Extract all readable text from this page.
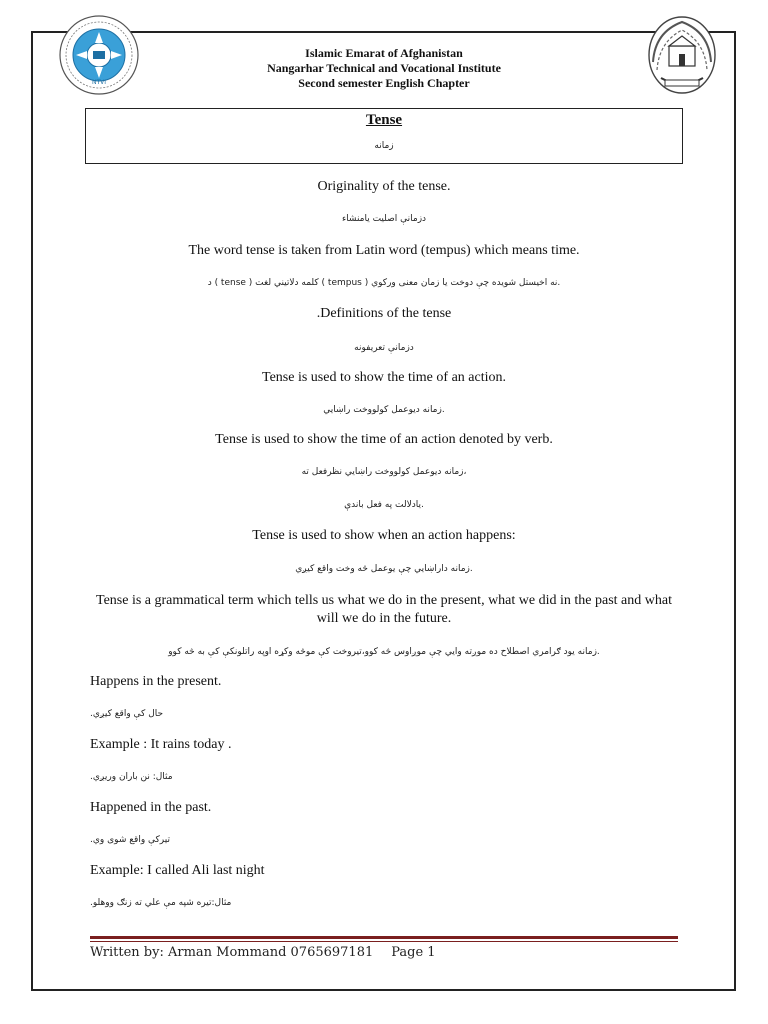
NTVI
Islamic Emarat of Afghanistan
Nangarhar Technical and Vocational Institute
Second semester English Chapter
Tense
زمانه
Originality of the tense.
دزمانې اصليت يامنشاء
The word tense is taken from Latin word (tempus) which means time.
د ( tense ) کلمه دلاتيني لغت ( tempus ) نه اخيستل شويده چې دوخت يا زمان معنى ورکوي.
.Definitions of the tense
دزمانې تعريفونه
Tense is used to show the time of an action.
.زمانه ديوعمل کولووخت راښايي
Tense is used to show the time of an action denoted by verb.
،زمانه ديوعمل کولووخت راښايي نظرفعل ته
.يادلالت په فعل باندې
Tense is used to show when an action happens:
.زمانه داراښايي چې يوعمل څه وخت واقع کيږي
Tense is a grammatical term which tells us what we do in the present, what we did in the past and what will we do in the future.
.زمانه يود ګرامري اصطلاح ده موږته وايي چې موږاوس څه کوو،تيروخت کې موڅه وکړه اوپه راتلونکې کې به څه کوو
Happens in the present.
.حال کې واقع کيږي
Example : It rains today .
.مثال: نن باران وريږي
Happened in the past.
.تيرکې واقع شوى وي
Example: I called Ali last night
.مثال:تيره شپه مې علي ته زنګ ووهلو
Written by: Arman Mommand 0765697181 Page 1
